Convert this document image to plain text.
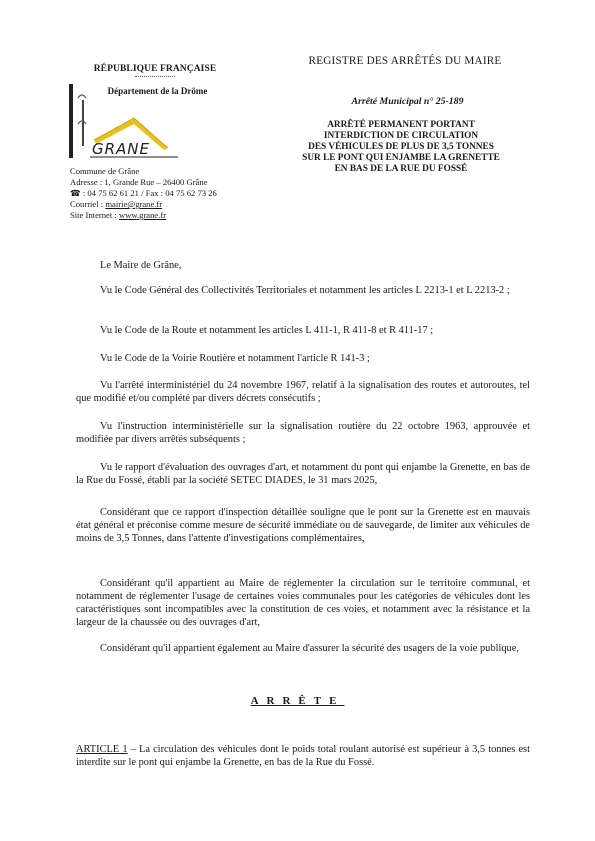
RÉPUBLIQUE FRANÇAISE
Département de la Drôme
GRANE
Commune de Grâne
Adresse : 1, Grande Rue – 26400 Grâne
☎ : 04 75 62 61 21 / Fax : 04 75 62 73 26
Courriel : mairie@grane.fr
Site Internet : www.grane.fr
REGISTRE DES ARRÊTÉS DU MAIRE
Arrêté Municipal n° 25-189
ARRÊTÉ PERMANENT PORTANT
INTERDICTION DE CIRCULATION
DES VÉHICULES DE PLUS DE 3,5 TONNES
SUR LE PONT QUI ENJAMBE LA GRENETTE
EN BAS DE LA RUE DU FOSSÉ
Le Maire de Grâne,
Vu le Code Général des Collectivités Territoriales et notamment les articles L 2213-1 et L 2213-2 ;
Vu le Code de la Route et notamment les articles L 411-1, R 411-8 et R 411-17 ;
Vu le Code de la Voirie Routière et notamment l'article R 141-3 ;
Vu l'arrêté interministériel du 24 novembre 1967, relatif à la signalisation des routes et autoroutes, tel que modifié et/ou complété par divers décrets consécutifs ;
Vu l'instruction interministérielle sur la signalisation routière du 22 octobre 1963, approuvée et modifiée par divers arrêtés subséquents ;
Vu le rapport d'évaluation des ouvrages d'art, et notamment du pont qui enjambe la Grenette, en bas de la Rue du Fossé, établi par la société SETEC DIADES, le 31 mars 2025,
Considérant que ce rapport d'inspection détaillée souligne que le pont sur la Grenette est en mauvais état général et préconise comme mesure de sécurité immédiate ou de sauvegarde, de limiter aux véhicules de moins de 3,5 Tonnes, dans l'attente d'investigations complémentaires,
Considérant qu'il appartient au Maire de réglementer la circulation sur le territoire communal, et notamment de réglementer l'usage de certaines voies communales pour les catégories de véhicules dont les caractéristiques sont incompatibles avec la constitution de ces voies, et notamment avec la résistance et la largeur de la chaussée ou des ouvrages d'art,
Considérant qu'il appartient également au Maire d'assurer la sécurité des usagers de la voie publique,
ARRÊTE
ARTICLE 1 – La circulation des véhicules dont le poids total roulant autorisé est supérieur à 3,5 tonnes est interdite sur le pont qui enjambe la Grenette, en bas de la Rue du Fossé.
